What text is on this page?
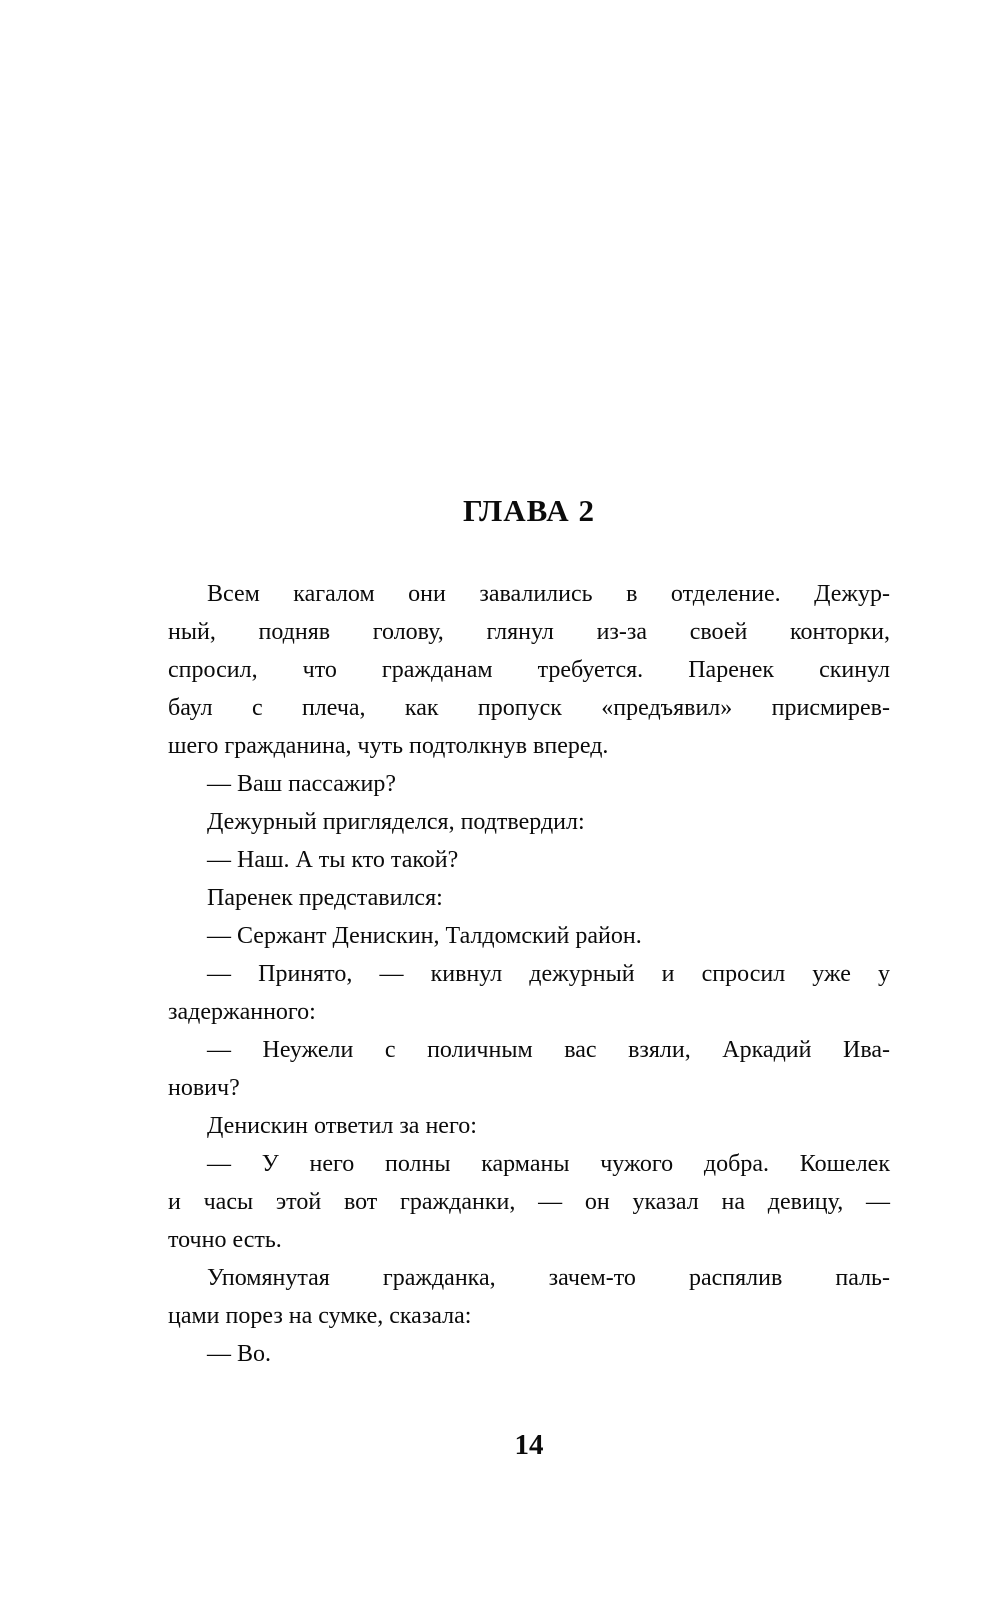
ГЛАВА 2
Всем кагалом они завалились в отделение. Дежур-
ный, подняв голову, глянул из-за своей конторки,
спросил, что гражданам требуется. Паренек скинул
баул с плеча, как пропуск «предъявил» присмирев-
шего гражданина, чуть подтолкнув вперед.
— Ваш пассажир?
Дежурный пригляделся, подтвердил:
— Наш. А ты кто такой?
Паренек представился:
— Сержант Денискин, Талдомский район.
— Принято, — кивнул дежурный и спросил уже у
задержанного:
— Неужели с поличным вас взяли, Аркадий Ива-
нович?
Денискин ответил за него:
— У него полны карманы чужого добра. Кошелек
и часы этой вот гражданки, — он указал на девицу, —
точно есть.
Упомянутая гражданка, зачем-то распялив паль-
цами порез на сумке, сказала:
— Во.
14
